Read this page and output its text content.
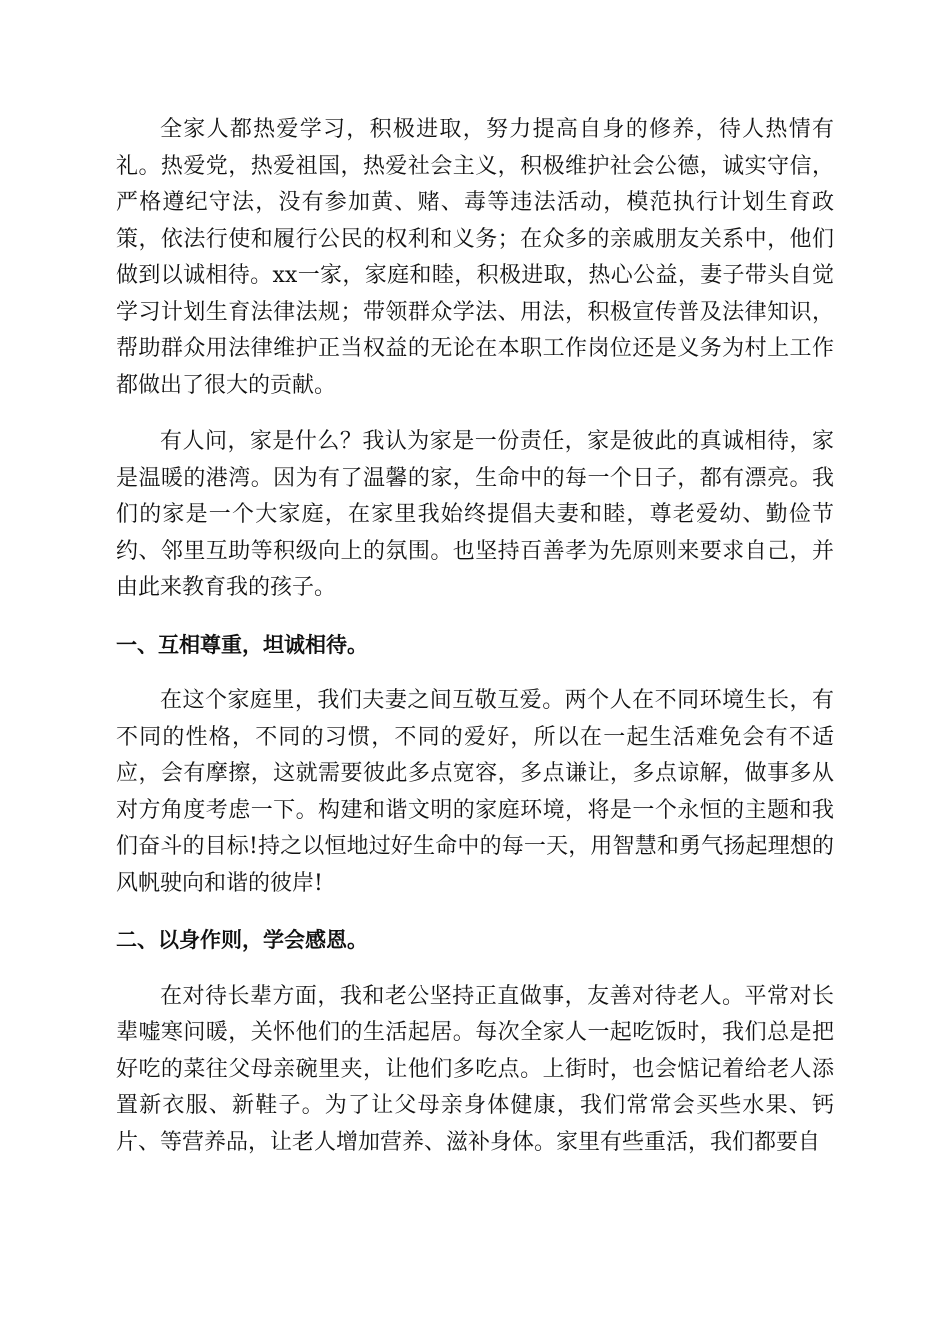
全家人都热爱学习，积极进取，努力提高自身的修养，待人热情有礼。热爱党，热爱祖国，热爱社会主义，积极维护社会公德，诚实守信，严格遵纪守法，没有参加黄、赌、毒等违法活动，模范执行计划生育政策，依法行使和履行公民的权利和义务；在众多的亲戚朋友关系中，他们做到以诚相待。xx一家，家庭和睦，积极进取，热心公益，妻子带头自觉学习计划生育法律法规；带领群众学法、用法，积极宣传普及法律知识，帮助群众用法律维护正当权益的无论在本职工作岗位还是义务为村上工作都做出了很大的贡献。

有人问，家是什么？我认为家是一份责任，家是彼此的真诚相待，家是温暖的港湾。因为有了温馨的家，生命中的每一个日子，都有漂亮。我们的家是一个大家庭，在家里我始终提倡夫妻和睦，尊老爱幼、勤俭节约、邻里互助等积级向上的氛围。也坚持百善孝为先原则来要求自己，并由此来教育我的孩子。

一、互相尊重，坦诚相待。

在这个家庭里，我们夫妻之间互敬互爱。两个人在不同环境生长，有不同的性格，不同的习惯，不同的爱好，所以在一起生活难免会有不适应，会有摩擦，这就需要彼此多点宽容，多点谦让，多点谅解，做事多从对方角度考虑一下。构建和谐文明的家庭环境，将是一个永恒的主题和我们奋斗的目标!持之以恒地过好生命中的每一天，用智慧和勇气扬起理想的风帆驶向和谐的彼岸!

二、以身作则，学会感恩。

在对待长辈方面，我和老公坚持正直做事，友善对待老人。平常对长辈嘘寒问暖，关怀他们的生活起居。每次全家人一起吃饭时，我们总是把好吃的菜往父母亲碗里夹，让他们多吃点。上街时，也会惦记着给老人添置新衣服、新鞋子。为了让父母亲身体健康，我们常常会买些水果、钙片、等营养品，让老人增加营养、滋补身体。家里有些重活，我们都要自
